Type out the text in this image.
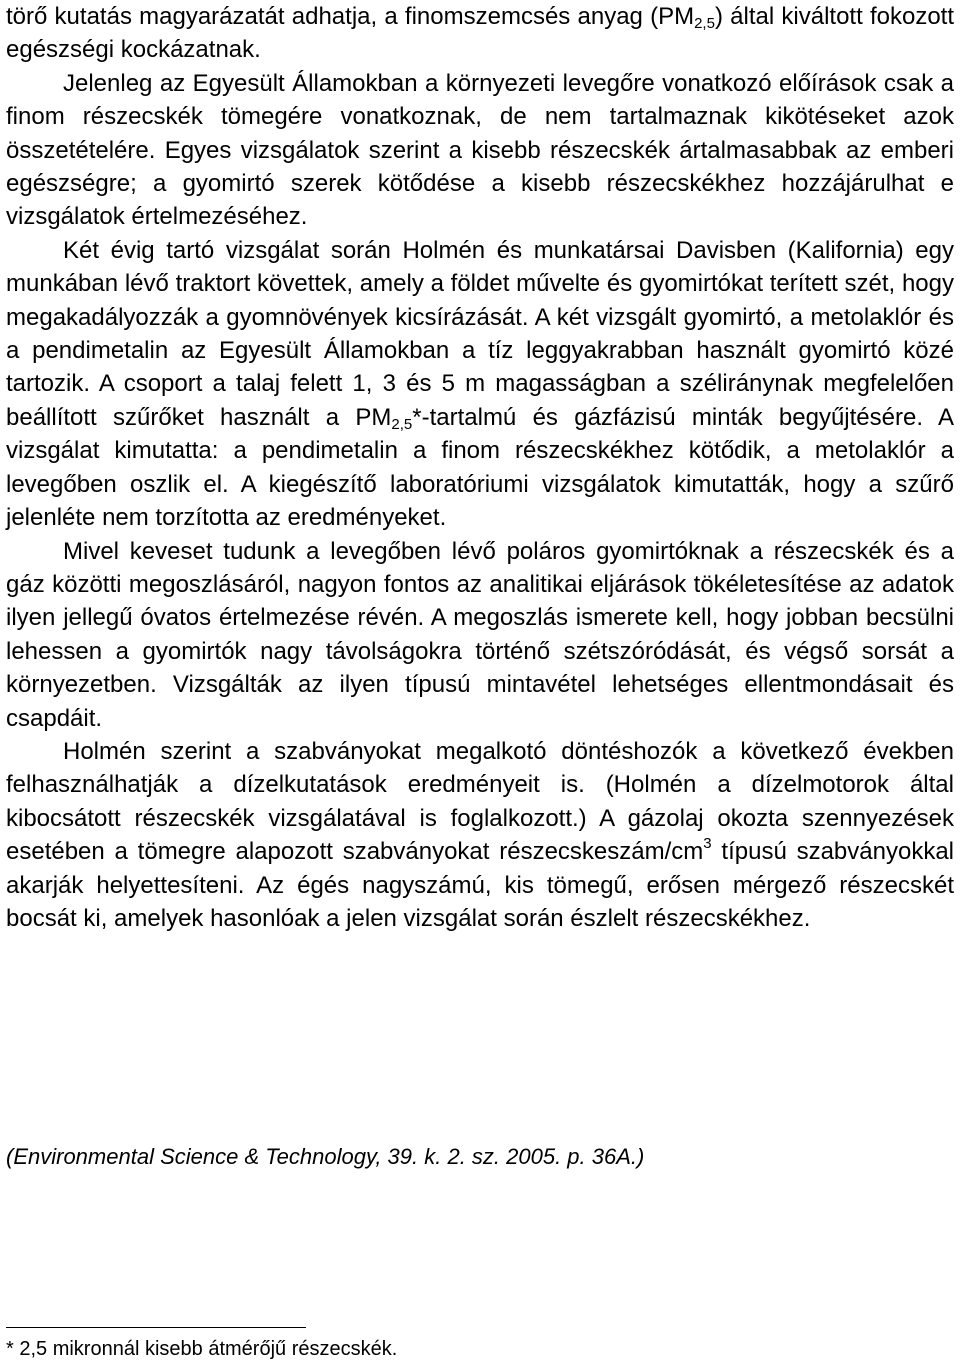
törő kutatás magyarázatát adhatja, a finomszemcsés anyag $(PM_{2,5})$ által kiváltott fokozott egészségi kockázatnak.

Jelenleg az Egyesült Államokban a környezeti levegőre vonatkozó előírások csak a finom részecskék tömegére vonatkoznak, de nem tartalmaznak kikötéseket azok összetételére. Egyes vizsgálatok szerint a kisebb részecskék ártalmasabbak az emberi egészségre; a gyomirtó szerek kötődése a kisebb részecskékhez hozzájárulhat e vizsgálatok értelmezéséhez.

Két évig tartó vizsgálat során Holmén és munkatársai Davisben (Kalifornia) egy munkában lévő traktort követtek, amely a földet művelte és gyomirtókat terített szét, hogy megakadályozzák a gyomnövények kicsírázását. A két vizsgált gyomirtó, a metolaklór és a pendimetalin az Egyesült Államokban a tíz leggyakrabban használt gyomirtó közé tartozik. A csoport a talaj felett 1, 3 és 5 m magasságban a széliránynak megfelelően beállított szűrőket használt a $PM_{2,5}*$-tartalmú és gázfázisú minták begyűjtésére. A vizsgálat kimutatta: a pendimetalin a finom részecskékhez kötődik, a metolaklór a levegőben oszlik el. A kiegészítő laboratóriumi vizsgálatok kimutatták, hogy a szűrő jelenléte nem torzította az eredményeket.

Mivel keveset tudunk a levegőben lévő poláros gyomirtóknak a részecskék és a gáz közötti megoszlásáról, nagyon fontos az analitikai eljárások tökéletesítése az adatok ilyen jellegű óvatos értelmezése révén. A megoszlás ismerete kell, hogy jobban becsülni lehessen a gyomirtók nagy távolságokra történő szétszóródását, és végső sorsát a környezetben. Vizsgálták az ilyen típusú mintavétel lehetséges ellentmondásait és csapdáit.

Holmén szerint a szabványokat megalkotó döntéshozók a következő években felhasználhatják a dízelkutatások eredményeit is. (Holmén a dízelmotorok által kibocsátott részecskék vizsgálatával is foglalkozott.) A gázolaj okozta szennyezések esetében a tömegre alapozott szabványokat részecskeszám/$cm^3$ típusú szabványokkal akarják helyettesíteni. Az égés nagyszámú, kis tömegű, erősen mérgező részecskét bocsát ki, amelyek hasonlóak a jelen vizsgálat során észlelt részecskékhez.

(Environmental Science & Technology, 39. k. 2. sz. 2005. p. 36A.)

* 2,5 mikronnál kisebb átmérőjű részecskék.
